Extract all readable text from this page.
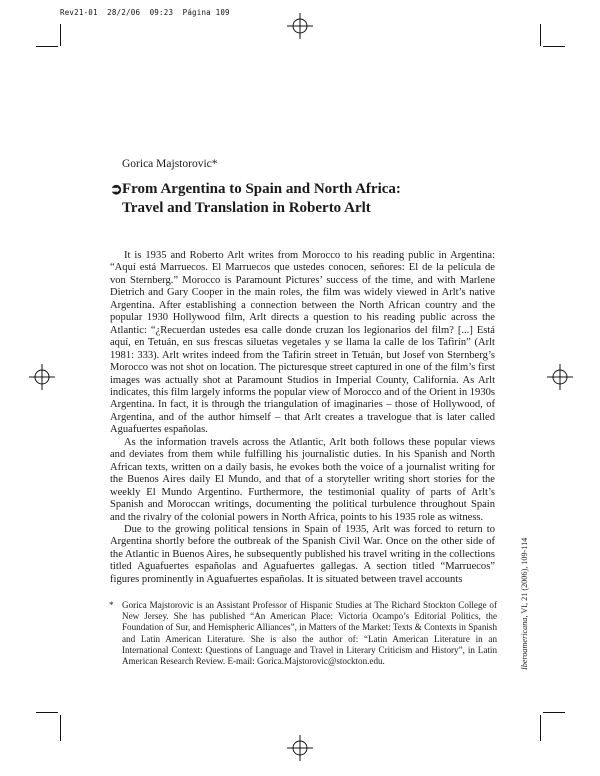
Rev21-01  28/2/06  09:23  Página 109
Gorica Majstorovic*
➲ From Argentina to Spain and North Africa:
Travel and Translation in Roberto Arlt

It is 1935 and Roberto Arlt writes from Morocco to his reading public in Argentina: “Aquí está Marruecos. El Marruecos que ustedes conocen, señores: El de la película de von Sternberg.” Morocco is Paramount Pictures’ success of the time, and with Marlene Dietrich and Gary Cooper in the main roles, the film was widely viewed in Arlt’s native Argentina. After establishing a connection between the North African country and the popular 1930 Hollywood film, Arlt directs a question to his reading public across the Atlantic: “¿Recuerdan ustedes esa calle donde cruzan los legionarios del film? [...] Está aquí, en Tetuán, en sus frescas siluetas vegetales y se llama la calle de los Tafirín” (Arlt 1981: 333). Arlt writes indeed from the Tafirín street in Tetuán, but Josef von Sternberg’s Morocco was not shot on location. The picturesque street captured in one of the film’s first images was actually shot at Paramount Studios in Imperial County, California. As Arlt indicates, this film largely informs the popular view of Morocco and of the Orient in 1930s Argentina. In fact, it is through the triangulation of imaginaries – those of Hollywood, of Argentina, and of the author himself – that Arlt creates a travelogue that is later called Aguafuertes españolas.

As the information travels across the Atlantic, Arlt both follows these popular views and deviates from them while fulfilling his journalistic duties. In his Spanish and North African texts, written on a daily basis, he evokes both the voice of a journalist writing for the Buenos Aires daily El Mundo, and that of a storyteller writing short stories for the weekly El Mundo Argentino. Furthermore, the testimonial quality of parts of Arlt’s Spanish and Moroccan writings, documenting the political turbulence throughout Spain and the rivalry of the colonial powers in North Africa, points to his 1935 role as witness.

Due to the growing political tensions in Spain of 1935, Arlt was forced to return to Argentina shortly before the outbreak of the Spanish Civil War. Once on the other side of the Atlantic in Buenos Aires, he subsequently published his travel writing in the collections titled Aguafuertes españolas and Aguafuertes gallegas. A section titled “Marruecos” figures prominently in Aguafuertes españolas. It is situated between travel accounts

* Gorica Majstorovic is an Assistant Professor of Hispanic Studies at The Richard Stockton College of New Jersey. She has published “An American Place: Victoria Ocampo’s Editorial Politics, the Foundation of Sur, and Hemispheric Alliances”, in Matters of the Market: Texts & Contexts in Spanish and Latin American Literature. She is also the author of: “Latin American Literature in an International Context: Questions of Language and Travel in Literary Criticism and History”, in Latin American Research Review. E-mail: Gorica.Majstorovic@stockton.edu.	Iberoamericana, VI, 21 (2006), 109-114
